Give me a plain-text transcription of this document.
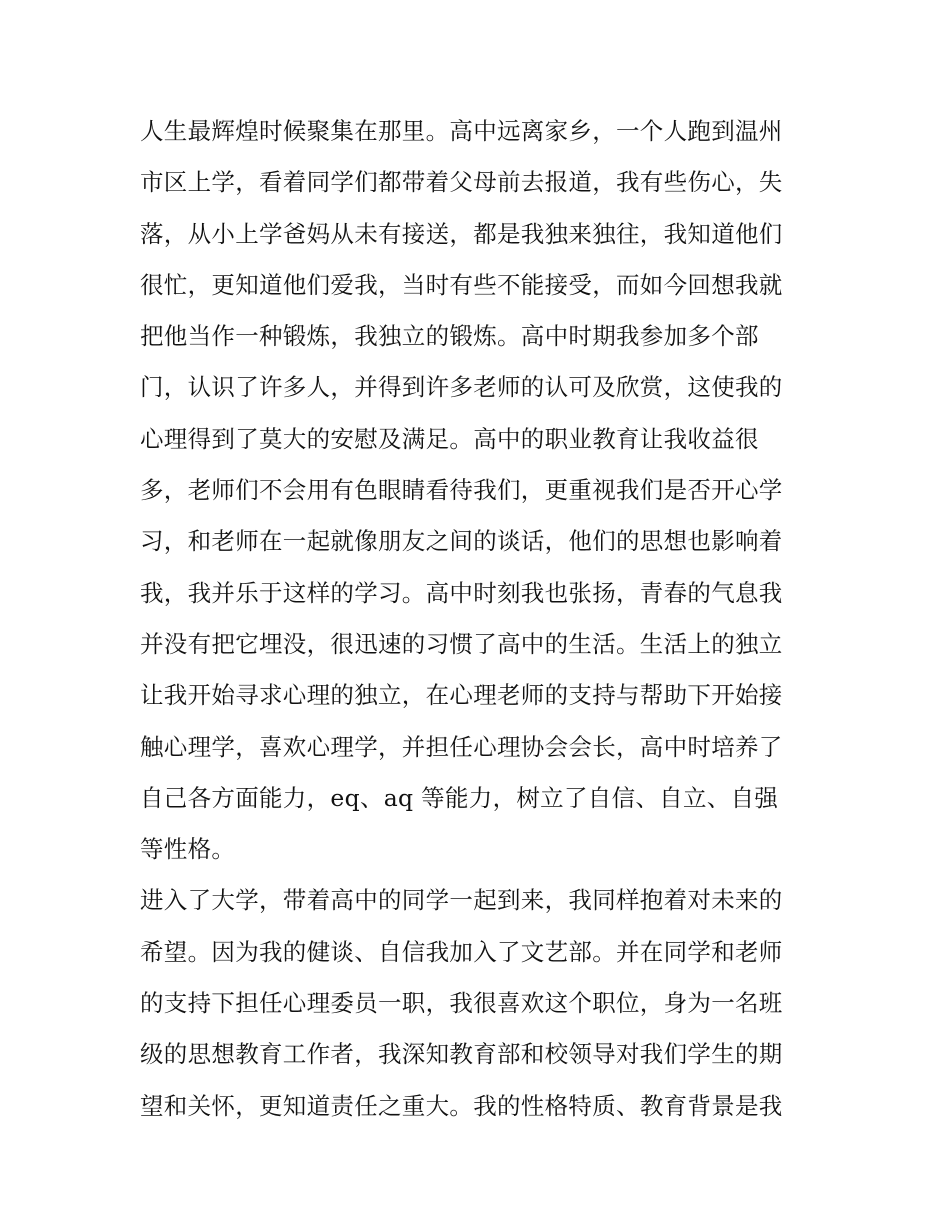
人生最辉煌时候聚集在那里。高中远离家乡，一个人跑到温州
市区上学，看着同学们都带着父母前去报道，我有些伤心，失
落，从小上学爸妈从未有接送，都是我独来独往，我知道他们
很忙，更知道他们爱我，当时有些不能接受，而如今回想我就
把他当作一种锻炼，我独立的锻炼。高中时期我参加多个部
门，认识了许多人，并得到许多老师的认可及欣赏，这使我的
心理得到了莫大的安慰及满足。高中的职业教育让我收益很
多，老师们不会用有色眼睛看待我们，更重视我们是否开心学
习，和老师在一起就像朋友之间的谈话，他们的思想也影响着
我，我并乐于这样的学习。高中时刻我也张扬，青春的气息我
并没有把它埋没，很迅速的习惯了高中的生活。生活上的独立
让我开始寻求心理的独立，在心理老师的支持与帮助下开始接
触心理学，喜欢心理学，并担任心理协会会长，高中时培养了
自己各方面能力，eq、aq 等能力，树立了自信、自立、自强
等性格。
进入了大学，带着高中的同学一起到来，我同样抱着对未来的
希望。因为我的健谈、自信我加入了文艺部。并在同学和老师
的支持下担任心理委员一职，我很喜欢这个职位，身为一名班
级的思想教育工作者，我深知教育部和校领导对我们学生的期
望和关怀，更知道责任之重大。我的性格特质、教育背景是我
